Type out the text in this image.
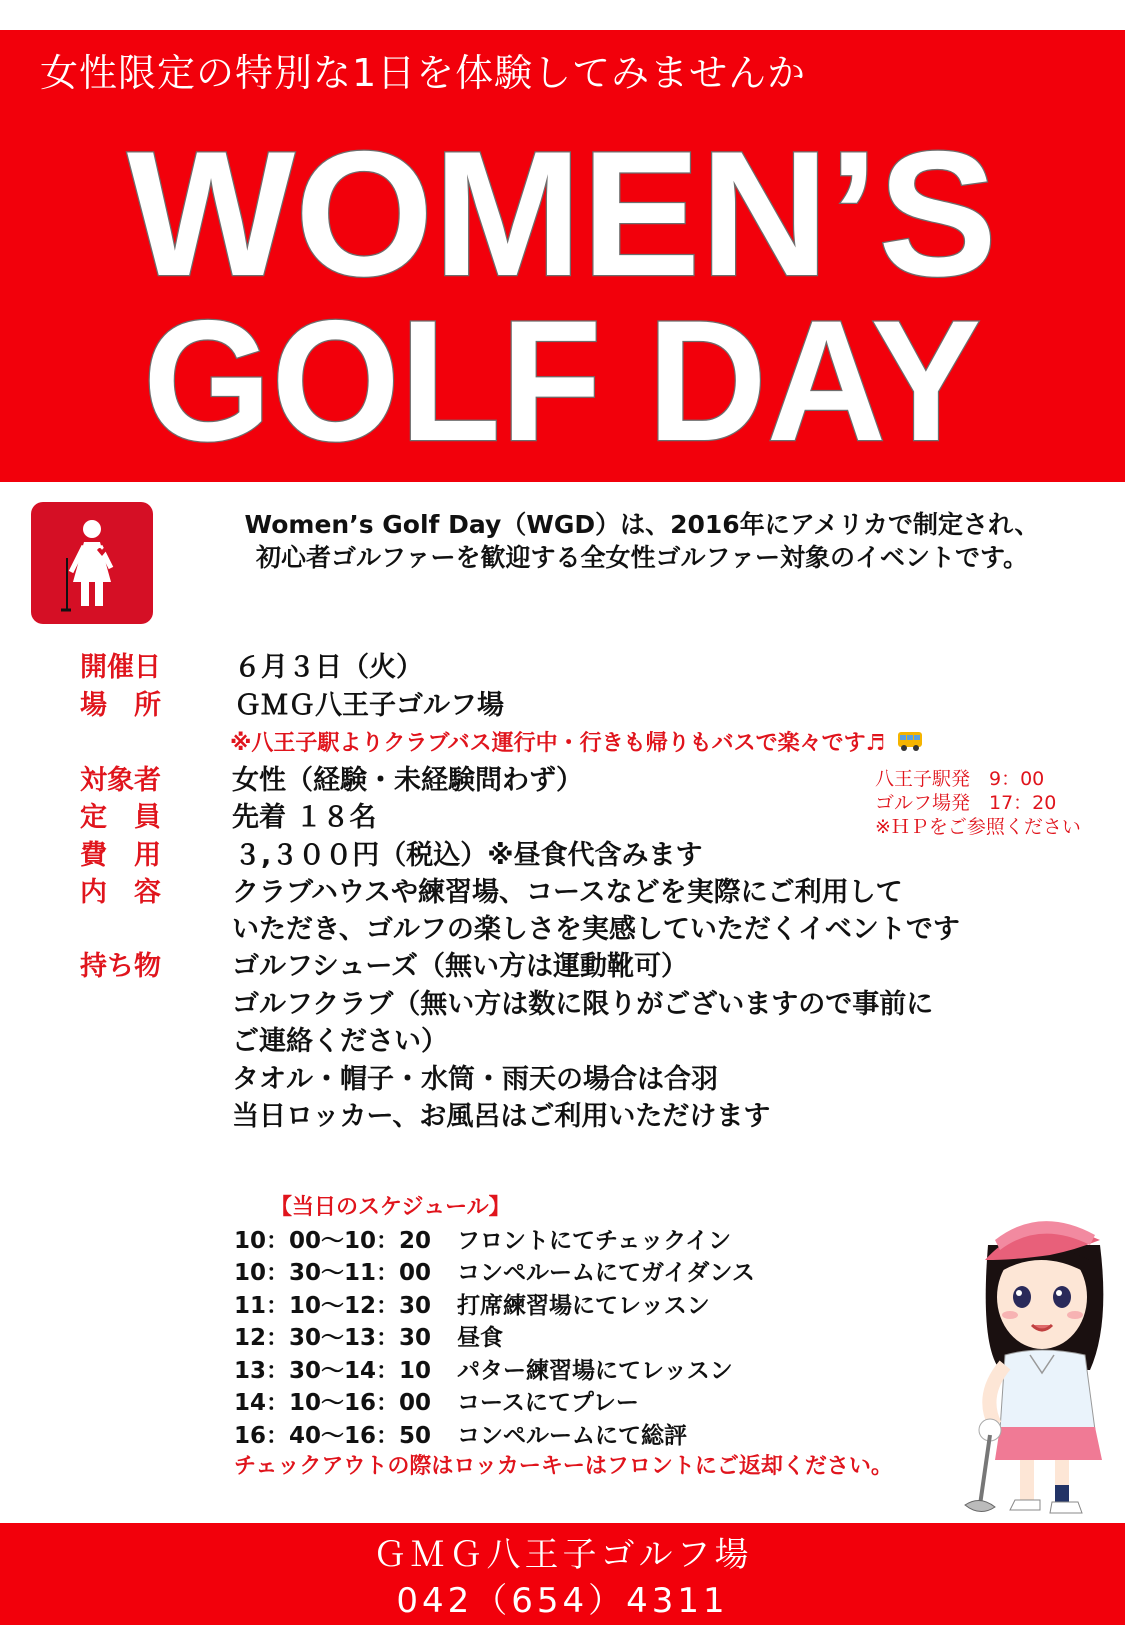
女性限定の特別な1日を体験してみませんか
WOMEN’S
GOLF DAY
Women’s Golf Day（WGD）は、2016年にアメリカで制定され、
初心者ゴルファーを歓迎する全女性ゴルファー対象のイベントです。
開催日	６月３日（火）
場　所	ＧＭＧ八王子ゴルフ場
※八王子駅よりクラブバス運行中・行きも帰りもバスで楽々です♬
対象者	女性（経験・未経験問わず）
定　員	先着 １８名
費　用	３,３００円（税込）※昼食代含みます
内　容	クラブハウスや練習場、コースなどを実際にご利用して
いただき、ゴルフの楽しさを実感していただくイベントです
持ち物	ゴルフシューズ（無い方は運動靴可）
ゴルフクラブ（無い方は数に限りがございますので事前に
ご連絡ください）
タオル・帽子・水筒・雨天の場合は合羽
当日ロッカー、お風呂はご利用いただけます
八王子駅発　9：00
ゴルフ場発　17：20
※ＨＰをご参照ください
【当日のスケジュール】
10：00〜10：20 フロントにてチェックイン
10：30〜11：00 コンペルームにてガイダンス
11：10〜12：30 打席練習場にてレッスン
12：30〜13：30 昼食
13：30〜14：10 パター練習場にてレッスン
14：10〜16：00 コースにてプレー
16：40〜16：50 コンペルームにて総評
チェックアウトの際はロッカーキーはフロントにご返却ください。
ＧＭＧ八王子ゴルフ場
042（654）4311
